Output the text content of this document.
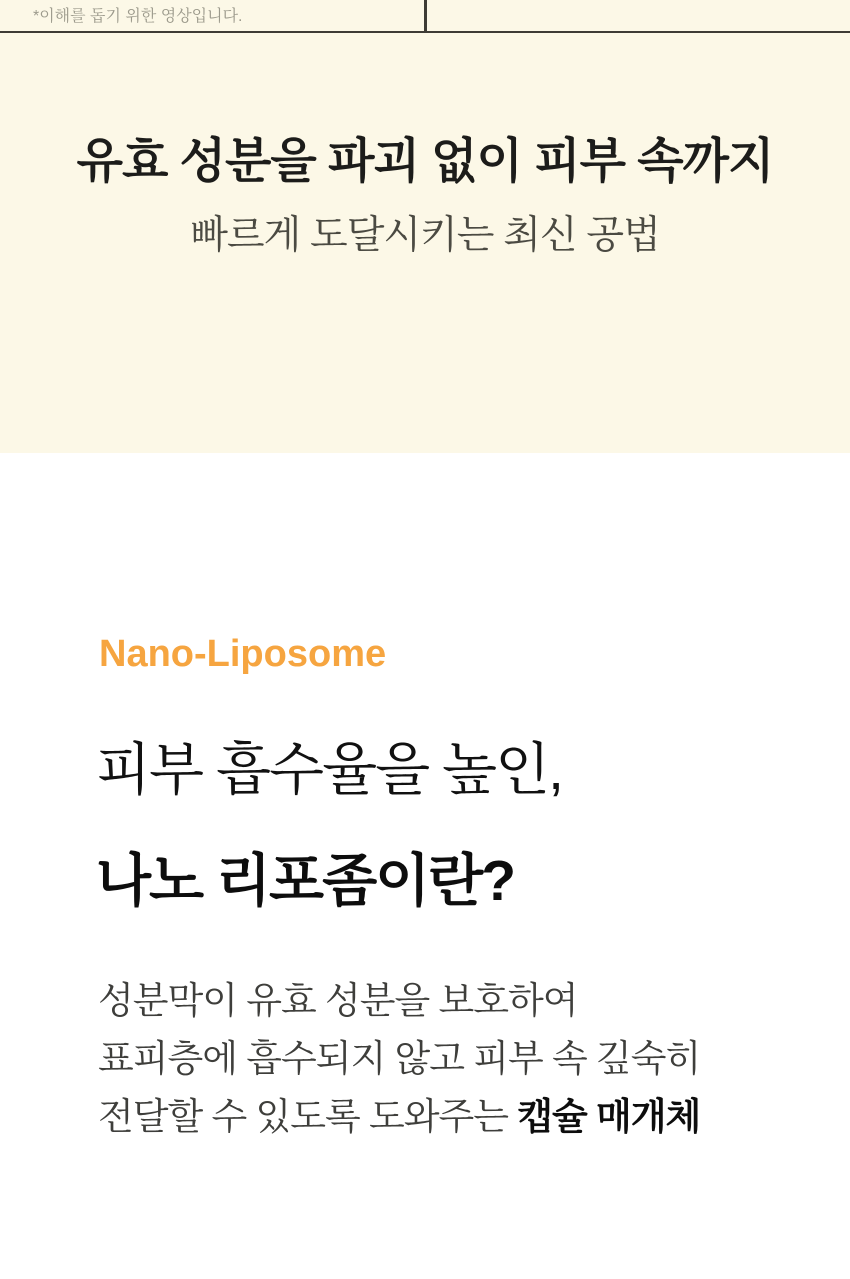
*이해를 돕기 위한 영상입니다.
유효 성분을 파괴 없이 피부 속까지
빠르게 도달시키는 최신 공법
Nano-Liposome
피부 흡수율을 높인,
나노 리포좀이란?
성분막이 유효 성분을 보호하여
표피층에 흡수되지 않고 피부 속 깊숙히
전달할 수 있도록 도와주는 캡슐 매개체
